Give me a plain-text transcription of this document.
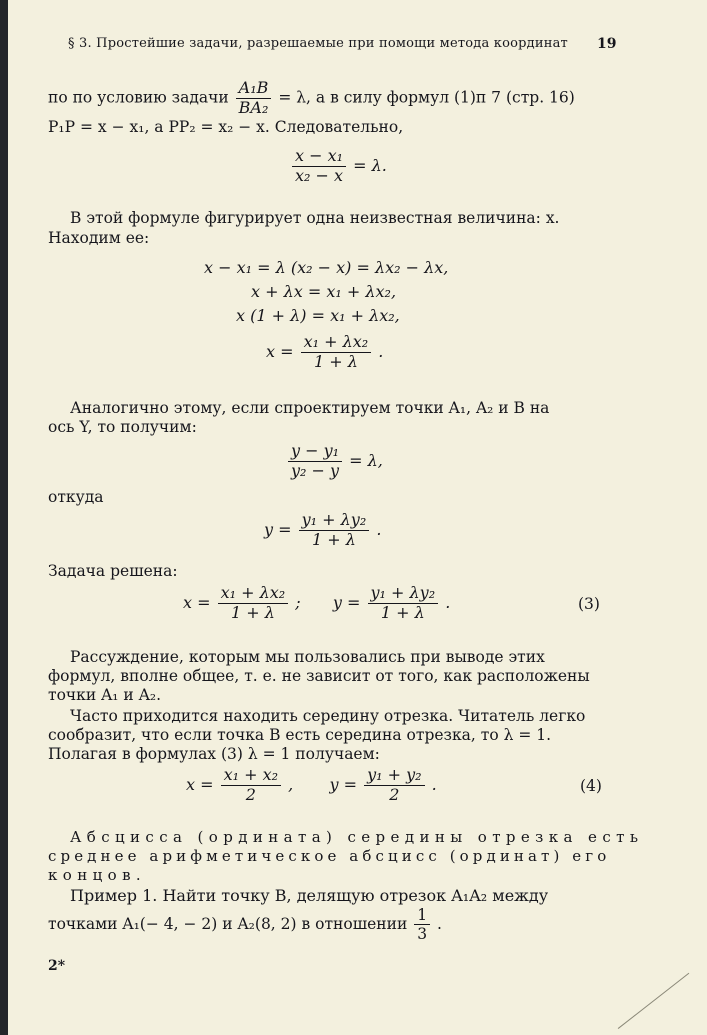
§ 3. Простейшие задачи, разрешаемые при помощи метода координат 19
по по условию задачи $\frac{\text{A₁B}}{\text{BA₂}} = \lambda$, а в силу формул (1)п 7 (стр. 16)
P₁P = x − x₁, а PP₂ = x₂ − x. Следовательно,
$\frac{\text{x − x₁}}{\text{x₂ − x}} = \lambda$.
В этой формуле фигурирует одна неизвестная величина: x.
Находим ее:
x − x₁ = λ (x₂ − x) = λx₂ − λx,
x + λx = x₁ + λx₂,
x (1 + λ) = x₁ + λx₂,
$x = \frac{\text{x₁ + λx₂}}{1 + \lambda}$ .
Аналогично этому, если спроектируем точки A₁, A₂ и B на
ось Y, то получим:
$\frac{\text{y − y₁}}{\text{y₂ − y}} = \lambda$,
откуда
$y = \frac{\text{y₁ + λy₂}}{1 + \lambda}$ .
Задача решена:
$x = \frac{\text{x₁ + λx₂}}{1 + \lambda}$ ; $y = \frac{\text{y₁ + λy₂}}{1 + \lambda}$ .	(3)
Рассуждение, которым мы пользовались при выводе этих
формул, вполне общее, т. е. не зависит от того, как расположены
точки A₁ и A₂.
Часто приходится находить середину отрезка. Читатель легко
сообразит, что если точка B есть середина отрезка, то λ = 1.
Полагая в формулах (3) λ = 1 получаем:
$x = \frac{\text{x₁ + x₂}}{2}$ , $y = \frac{\text{y₁ + y₂}}{2}$ .	(4)
Абсцисса (ордината) середины отрезка есть
среднее арифметическое абсцисс (ординат) его
концов.
Пример 1. Найти точку B, делящую отрезок A₁A₂ между
точками A₁(− 4, − 2) и A₂(8, 2) в отношении $\frac{1}{3}$ .
2*
